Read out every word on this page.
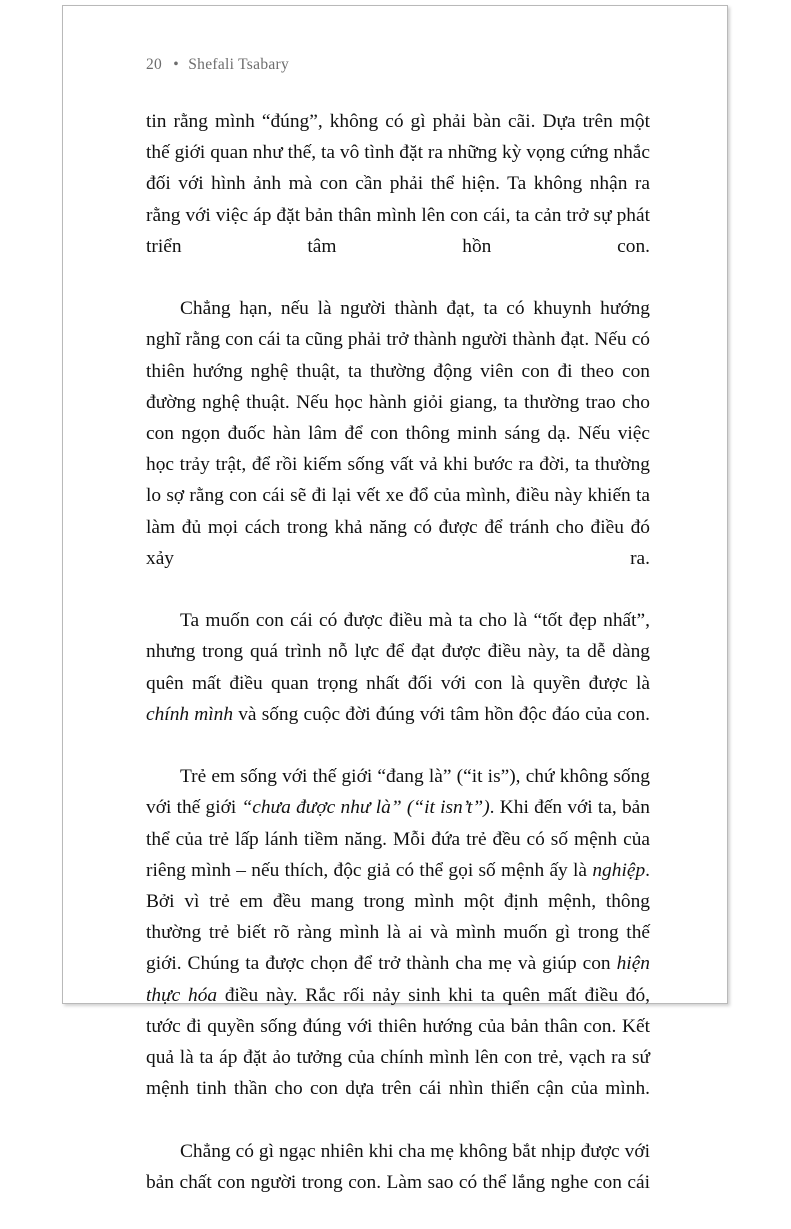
20 • Shefali Tsabary

tin rằng mình “đúng”, không có gì phải bàn cãi. Dựa trên một thế giới quan như thế, ta vô tình đặt ra những kỳ vọng cứng nhắc đối với hình ảnh mà con cần phải thể hiện. Ta không nhận ra rằng với việc áp đặt bản thân mình lên con cái, ta cản trở sự phát triển tâm hồn con.

Chẳng hạn, nếu là người thành đạt, ta có khuynh hướng nghĩ rằng con cái ta cũng phải trở thành người thành đạt. Nếu có thiên hướng nghệ thuật, ta thường động viên con đi theo con đường nghệ thuật. Nếu học hành giỏi giang, ta thường trao cho con ngọn đuốc hàn lâm để con thông minh sáng dạ. Nếu việc học trảy trật, để rồi kiếm sống vất vả khi bước ra đời, ta thường lo sợ rằng con cái sẽ đi lại vết xe đổ của mình, điều này khiến ta làm đủ mọi cách trong khả năng có được để tránh cho điều đó xảy ra.

Ta muốn con cái có được điều mà ta cho là “tốt đẹp nhất”, nhưng trong quá trình nỗ lực để đạt được điều này, ta dễ dàng quên mất điều quan trọng nhất đối với con là quyền được là chính mình và sống cuộc đời đúng với tâm hồn độc đáo của con.

Trẻ em sống với thế giới “đang là” (“it is”), chứ không sống với thế giới “chưa được như là” (“it isn’t”). Khi đến với ta, bản thể của trẻ lấp lánh tiềm năng. Mỗi đứa trẻ đều có số mệnh của riêng mình – nếu thích, độc giả có thể gọi số mệnh ấy là nghiệp. Bởi vì trẻ em đều mang trong mình một định mệnh, thông thường trẻ biết rõ ràng mình là ai và mình muốn gì trong thế giới. Chúng ta được chọn để trở thành cha mẹ và giúp con hiện thực hóa điều này. Rắc rối nảy sinh khi ta quên mất điều đó, tước đi quyền sống đúng với thiên hướng của bản thân con. Kết quả là ta áp đặt ảo tưởng của chính mình lên con trẻ, vạch ra sứ mệnh tinh thần cho con dựa trên cái nhìn thiển cận của mình.

Chẳng có gì ngạc nhiên khi cha mẹ không bắt nhịp được với bản chất con người trong con. Làm sao có thể lắng nghe con cái
